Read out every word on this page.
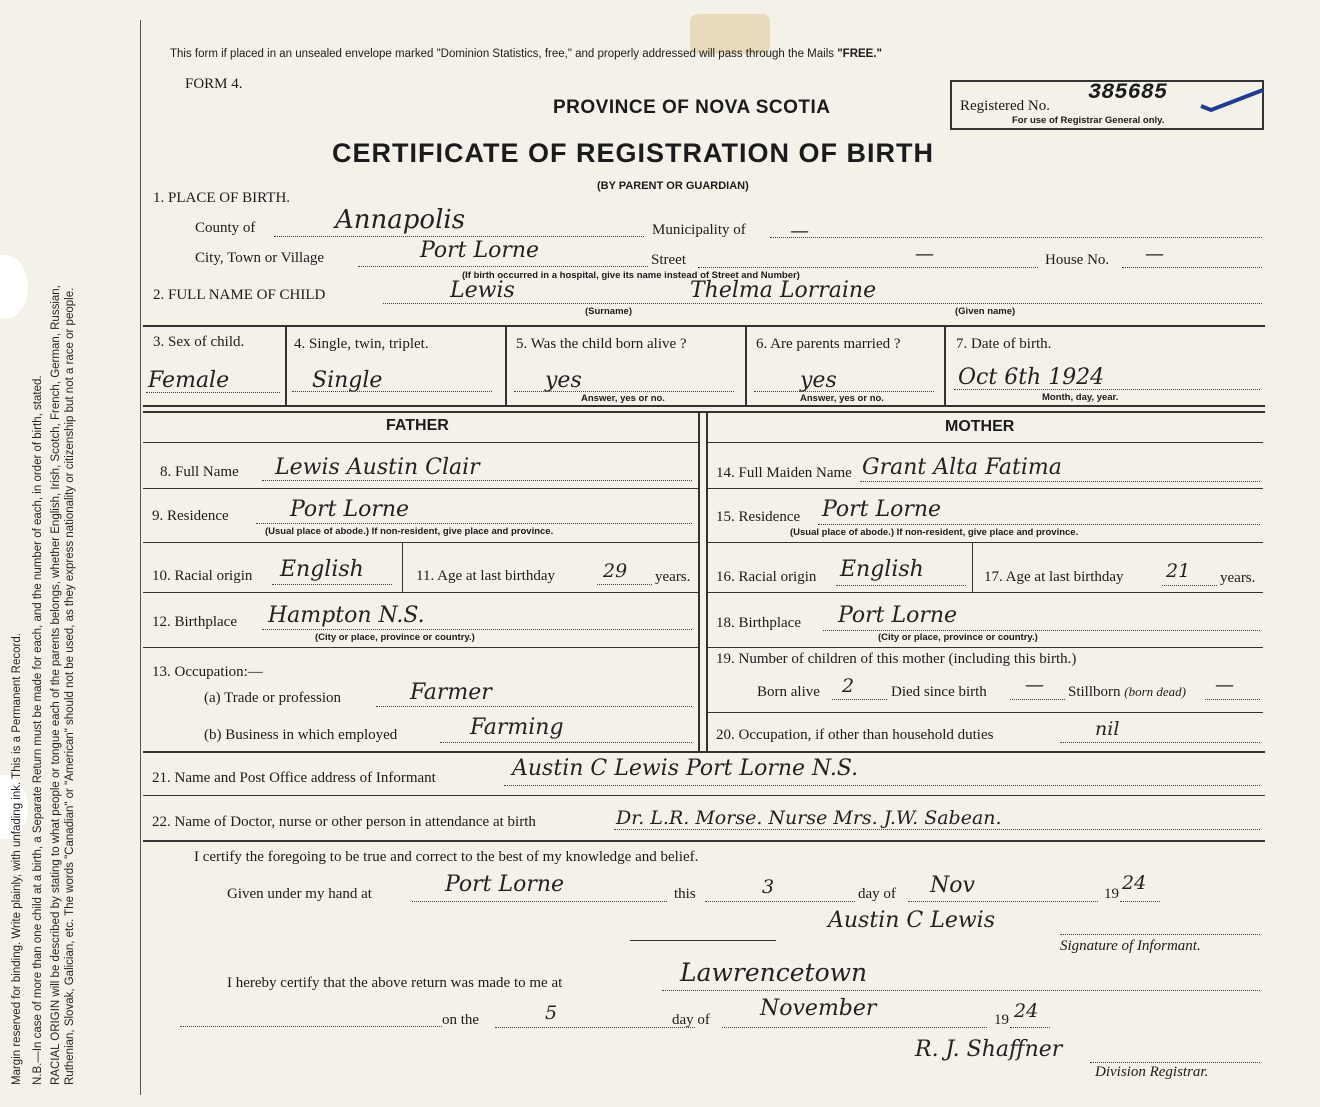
Margin reserved for binding. Write plainly, with unfading ink. This is a Permanent Record. N.B.—In case of more than one child at a birth, a Separate Return must be made for each, and the number of each, in order of birth, stated. RACIAL ORIGIN will be described by stating to what people or tongue each of the parents belongs, whether English, Irish, Scotch, French, German, Russian, Ruthenian, Slovak, Galician, etc. The words "Canadian" or "American" should not be used, as they express nationality or citizenship but not a race or people.
This form if placed in an unsealed envelope marked "Dominion Statistics, free," and properly addressed will pass through the Mails "FREE."
FORM 4.
PROVINCE OF NOVA SCOTIA
CERTIFICATE OF REGISTRATION OF BIRTH
(BY PARENT OR GUARDIAN)
Registered No.
385685
For use of Registrar General only.
1. PLACE OF BIRTH.
County of	Annapolis	Municipality of —
City, Town or Village	Port Lorne	Street	—	House No. —
(If birth occurred in a hospital, give its name instead of Street and Number)
2. FULL NAME OF CHILD	Lewis	Thelma Lorraine
(Surname)	(Given name)
3. Sex of child.
Female
4. Single, twin, triplet.
Single
5. Was the child born alive ?
yes
Answer, yes or no.
6. Are parents married ?
yes
Answer, yes or no.
7. Date of birth.
Oct 6th 1924
Month, day, year.
FATHER	MOTHER
8. Full Name Lewis Austin Clair
9. Residence	Port Lorne
(Usual place of abode.) If non-resident, give place and province.
10. Racial origin English	11. Age at last birthday	29 years.
12. Birthplace Hampton N.S.
(City or place, province or country.)
13. Occupation:—
(a) Trade or profession	Farmer
(b) Business in which employed	Farming
14. Full Maiden Name Grant Alta Fatima
15. Residence Port Lorne
(Usual place of abode.) If non-resident, give place and province.
16. Racial origin English	17. Age at last birthday 21 years.
18. Birthplace Port Lorne
(City or place, province or country.)
19. Number of children of this mother (including this birth.)
Born alive 2 Died since birth — Stillborn (born dead) —
20. Occupation, if other than household duties	nil
21. Name and Post Office address of Informant	Austin C Lewis Port Lorne N.S.
22. Name of Doctor, nurse or other person in attendance at birth	Dr. L.R. Morse. Nurse Mrs. J.W. Sabean.
I certify the foregoing to be true and correct to the best of my knowledge and belief.
Given under my hand at	Port Lorne	this	3	day of Nov	19 24
Austin C Lewis
Signature of Informant.
I hereby certify that the above return was made to me at	Lawrencetown
on the	5	day of November	19 24
R. J. Shaffner
Division Registrar.
